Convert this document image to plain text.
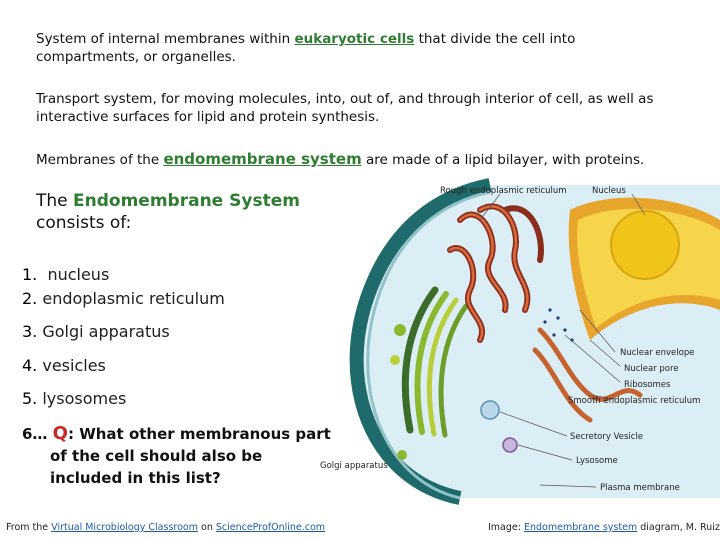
System of internal membranes within eukaryotic cells that divide the cell into compartments, or organelles.

Transport system, for moving molecules, into, out of, and through interior of cell, as well as interactive surfaces for lipid and protein synthesis.

Membranes of the endomembrane system are made of a lipid bilayer, with proteins.

The Endomembrane System
consists of:
1. nucleus
2. endoplasmic reticulum
3. Golgi apparatus
4. vesicles
5. lysosomes
6… Q: What other membranous part
of the cell should also be
included in this list?
Rough endoplasmic reticulum	Nucleus
Nuclear envelope
Nuclear pore
Ribosomes
Smooth endoplasmic reticulum
Secretory Vesicle
Lysosome
Golgi apparatus
Plasma membrane
From the Virtual Microbiology Classroom on ScienceProfOnline.com	Image: Endomembrane system diagram, M. Ruiz
